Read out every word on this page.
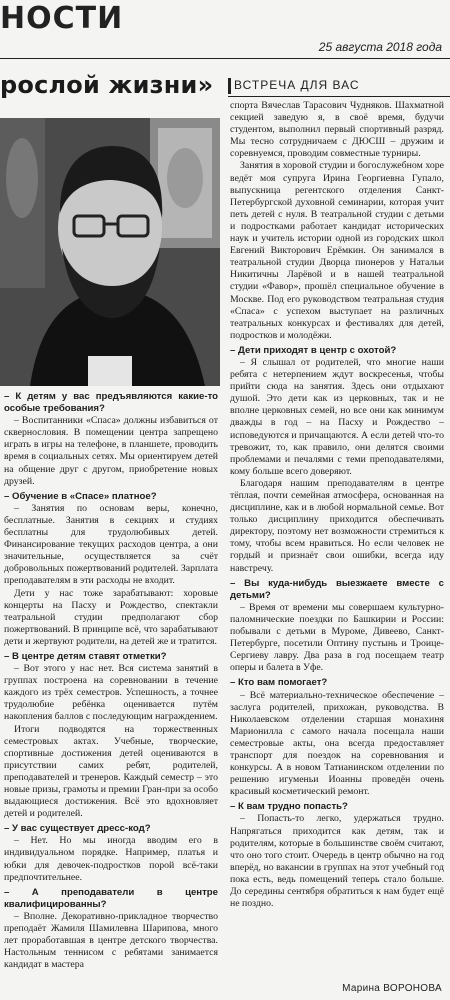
НОСТИ
25 августа 2018 года
рослой жизни» ВСТРЕЧА ДЛЯ ВАС

– К детям у вас предъявляются какие-то особые требования?

– Воспитанники «Спаса» должны избавиться от сквернословия. В помещении центра запрещено играть в игры на телефоне, в планшете, проводить время в социальных сетях. Мы ориентируем детей на общение друг с другом, приобретение новых друзей.

– Обучение в «Спасе» платное?

– Занятия по основам веры, конечно, бесплатные. Занятия в секциях и студиях бесплатны для трудолюбивых детей. Финансирование текущих расходов центра, а они значительные, осуществляется за счёт добровольных пожертвований родителей. Зарплата преподавателям в эти расходы не входит.

Дети у нас тоже зарабатывают: хоровые концерты на Пасху и Рождество, спектакли театральной студии предполагают сбор пожертвований. В принципе всё, что зарабатывают дети и жертвуют родители, на детей же и тратится.

– В центре детям ставят отметки?

– Вот этого у нас нет. Вся система занятий в группах построена на соревновании в течение каждого из трёх семестров. Успешность, а точнее трудолюбие ребёнка оценивается путём накопления баллов с последующим награждением.

Итоги подводятся на торжественных семестровых актах. Учебные, творческие, спортивные достижения детей оцениваются в присутствии самих ребят, родителей, преподавателей и тренеров. Каждый семестр – это новые призы, грамоты и премии Гран-при за особо выдающиеся достижения. Всё это вдохновляет детей и родителей.

– У вас существует дресс-код?

– Нет. Но мы иногда вводим его в индивидуальном порядке. Например, платья и юбки для девочек-подростков порой всё-таки предпочтительнее.

– А преподаватели в центре квалифицированны?

– Вполне. Декоративно-прикладное творчество преподаёт Жамиля Шамилевна Шарипова, много лет проработавшая в центре детского творчества. Настольным теннисом с ребятами занимается кандидат в мастера

спорта Вячеслав Тарасович Чудняков. Шахматной секцией заведую я, в своё время, будучи студентом, выполнил первый спортивный разряд. Мы тесно сотрудничаем с ДЮСШ – дружим и соревнуемся, проводим совместные турниры.

Занятия в хоровой студии и богослужебном хоре ведёт моя супруга Ирина Георгиевна Гупало, выпускница регентского отделения Санкт-Петербургской духовной семинарии, которая учит петь детей с нуля. В театральной студии с детьми и подростками работает кандидат исторических наук и учитель истории одной из городских школ Евгений Викторович Ерёмкин. Он занимался в театральной студии Дворца пионеров у Натальи Никитичны Ларёвой и в нашей театральной студии «Фавор», прошёл специальное обучение в Москве. Под его руководством театральная студия «Спаса» с успехом выступает на различных театральных конкурсах и фестивалях для детей, подростков и молодёжи.

– Дети приходят в центр с охотой?

– Я слышал от родителей, что многие наши ребята с нетерпением ждут воскресенья, чтобы прийти сюда на занятия. Здесь они отдыхают душой. Это дети как из церковных, так и не вполне церковных семей, но все они как минимум дважды в год – на Пасху и Рождество – исповедуются и причащаются. А если детей что-то тревожит, то, как правило, они делятся своими проблемами и печалями с теми преподавателями, кому больше всего доверяют.

Благодаря нашим преподавателям в центре тёплая, почти семейная атмосфера, основанная на дисциплине, как и в любой нормальной семье. Вот только дисциплину приходится обеспечивать директору, поэтому нет возможности стремиться к тому, чтобы всем нравиться. Но если человек не гордый и признаёт свои ошибки, всегда иду навстречу.

– Вы куда-нибудь выезжаете вместе с детьми?

– Время от времени мы совершаем культурно-паломнические поездки по Башкирии и России: побывали с детьми в Муроме, Дивеево, Санкт-Петербурге, посетили Оптину пустынь и Троице-Сергиеву лавру. Два раза в год посещаем театр оперы и балета в Уфе.

– Кто вам помогает?

– Всё материально-техническое обеспечение – заслуга родителей, прихожан, руководства. В Николаевском отделении старшая монахиня Марионилла с самого начала посещала наши семестровые акты, она всегда предоставляет транспорт для поездок на соревнования и конкурсы. А в новом Татианинском отделении по решению игуменьи Иоанны проведён очень красивый косметический ремонт.

– К вам трудно попасть?

– Попасть-то легко, удержаться трудно. Напрягаться приходится как детям, так и родителям, которые в большинстве своём считают, что оно того стоит. Очередь в центр обычно на год вперёд, но вакансии в группах на этот учебный год пока есть, ведь помещений теперь стало больше. До середины сентября обратиться к нам будет ещё не поздно.

Марина ВОРОНОВА
